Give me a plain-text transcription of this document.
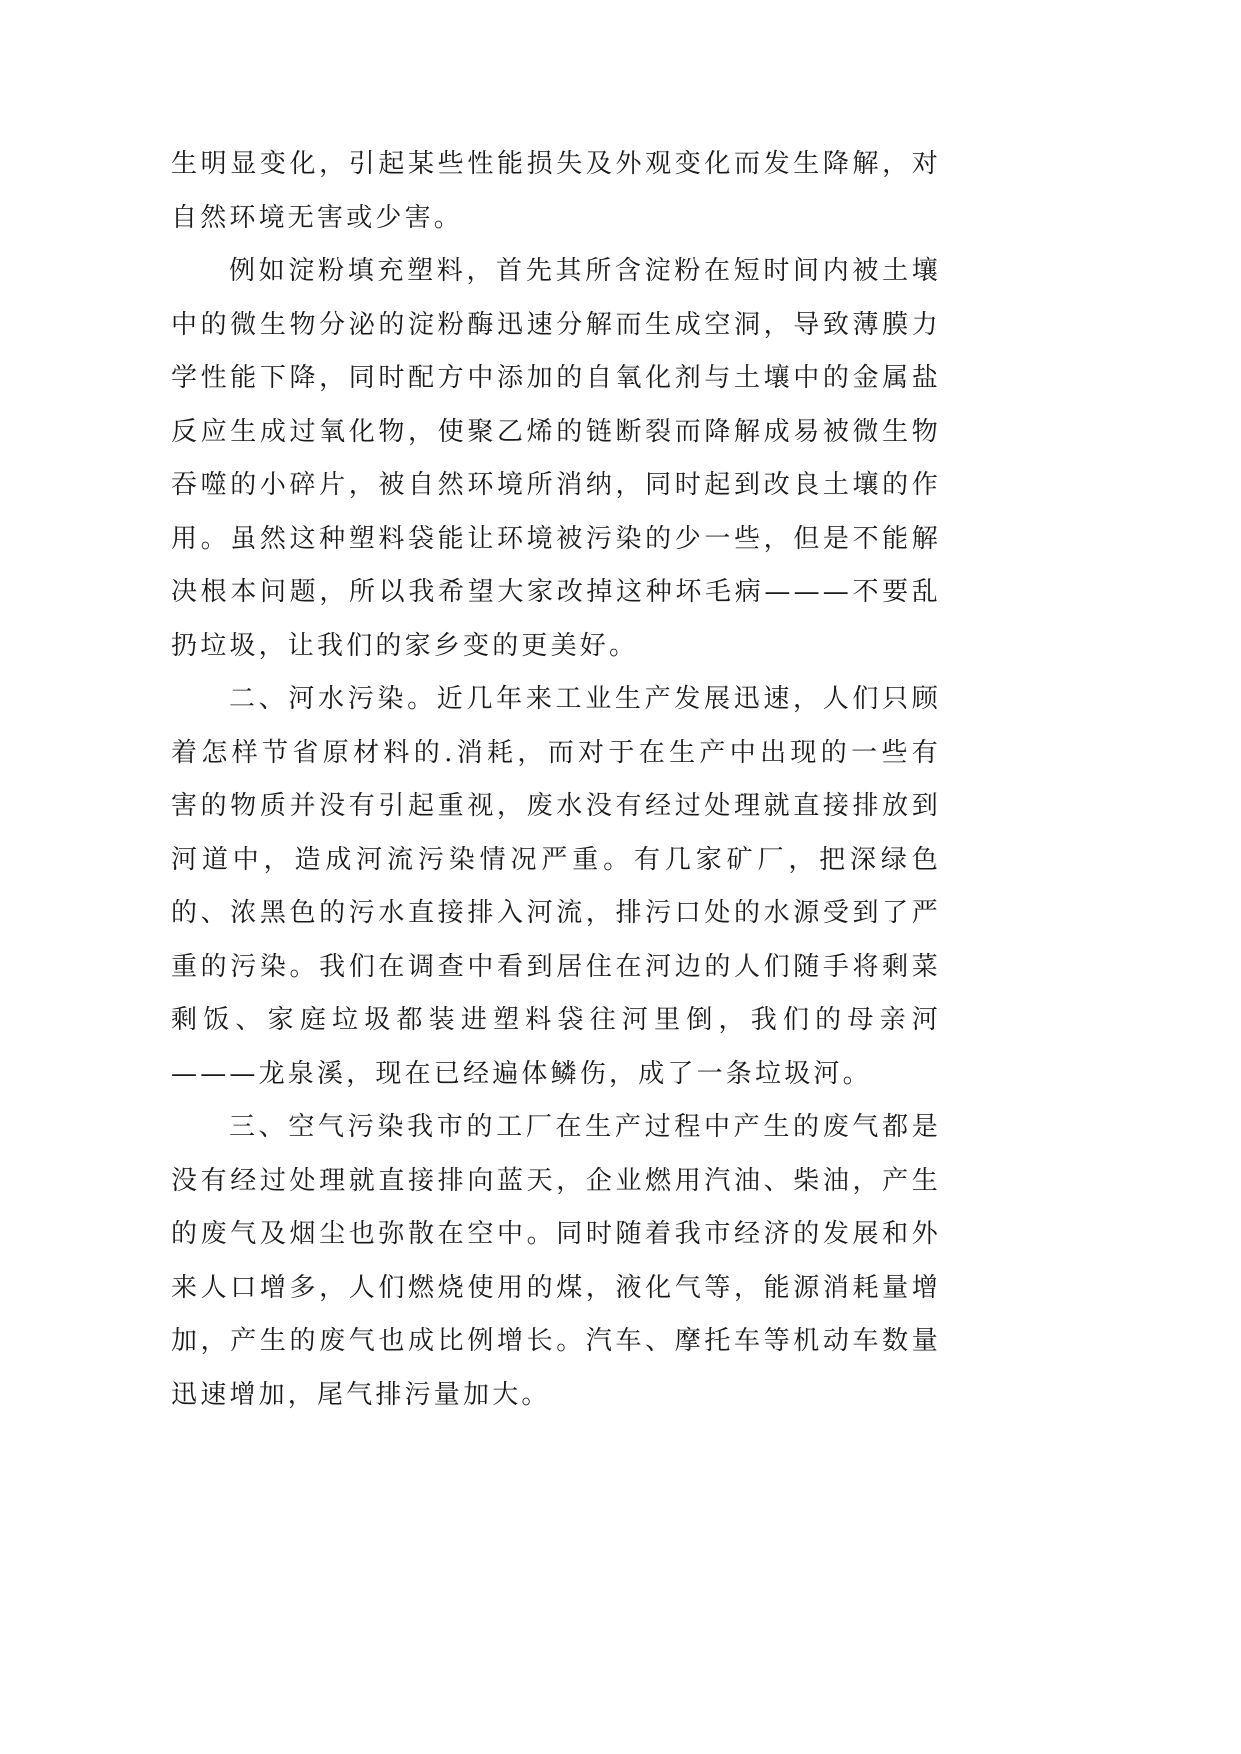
生明显变化，引起某些性能损失及外观变化而发生降解，对自然环境无害或少害。

例如淀粉填充塑料，首先其所含淀粉在短时间内被土壤中的微生物分泌的淀粉酶迅速分解而生成空洞，导致薄膜力学性能下降，同时配方中添加的自氧化剂与土壤中的金属盐反应生成过氧化物，使聚乙烯的链断裂而降解成易被微生物吞噬的小碎片，被自然环境所消纳，同时起到改良土壤的作用。虽然这种塑料袋能让环境被污染的少一些，但是不能解决根本问题，所以我希望大家改掉这种坏毛病———不要乱扔垃圾，让我们的家乡变的更美好。

二、河水污染。近几年来工业生产发展迅速，人们只顾着怎样节省原材料的.消耗，而对于在生产中出现的一些有害的物质并没有引起重视，废水没有经过处理就直接排放到河道中，造成河流污染情况严重。有几家矿厂，把深绿色的、浓黑色的污水直接排入河流，排污口处的水源受到了严重的污染。我们在调查中看到居住在河边的人们随手将剩菜剩饭、家庭垃圾都装进塑料袋往河里倒，我们的母亲河———龙泉溪，现在已经遍体鳞伤，成了一条垃圾河。

三、空气污染我市的工厂在生产过程中产生的废气都是没有经过处理就直接排向蓝天，企业燃用汽油、柴油，产生的废气及烟尘也弥散在空中。同时随着我市经济的发展和外来人口增多，人们燃烧使用的煤，液化气等，能源消耗量增加，产生的废气也成比例增长。汽车、摩托车等机动车数量迅速增加，尾气排污量加大。
